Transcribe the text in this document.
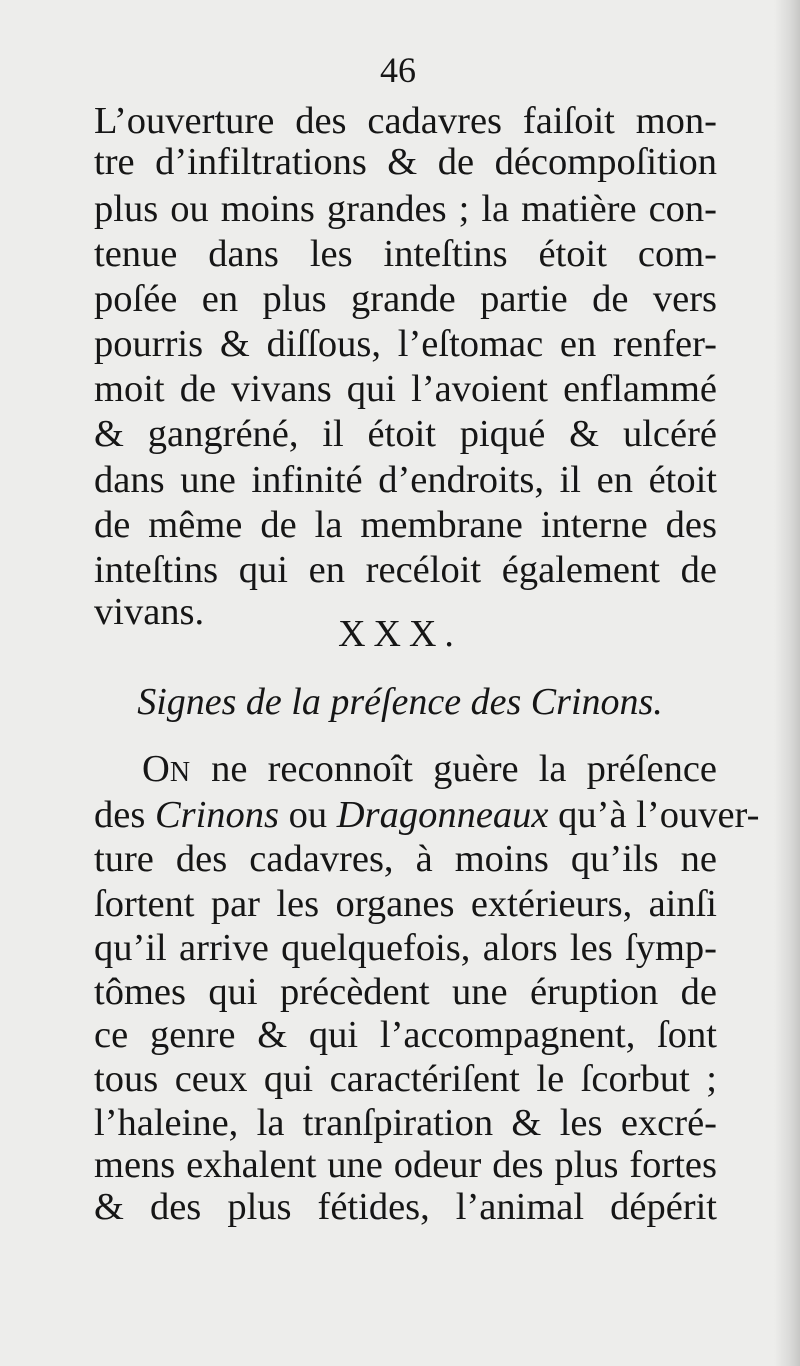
46
L’ouverture des cadavres faiſoit mon-
tre d’infiltrations & de décompoſition
plus ou moins grandes ; la matière con-
tenue dans les inteſtins étoit com-
poſée en plus grande partie de vers
pourris & diſſous, l’eſtomac en renfer-
moit de vivans qui l’avoient enflammé
& gangréné, il étoit piqué & ulcéré
dans une infinité d’endroits, il en étoit
de même de la membrane interne des
inteſtins qui en recéloit également de
vivans.
XXX.
Signes de la préſence des Crinons.
ON ne reconnoît guère la préſence
des Crinons ou Dragonneaux qu’à l’ouver-
ture des cadavres, à moins qu’ils ne
ſortent par les organes extérieurs, ainſi
qu’il arrive quelquefois, alors les ſymp-
tômes qui précèdent une éruption de
ce genre & qui l’accompagnent, ſont
tous ceux qui caractériſent le ſcorbut ;
l’haleine, la tranſpiration & les excré-
mens exhalent une odeur des plus fortes
& des plus fétides, l’animal dépérit
